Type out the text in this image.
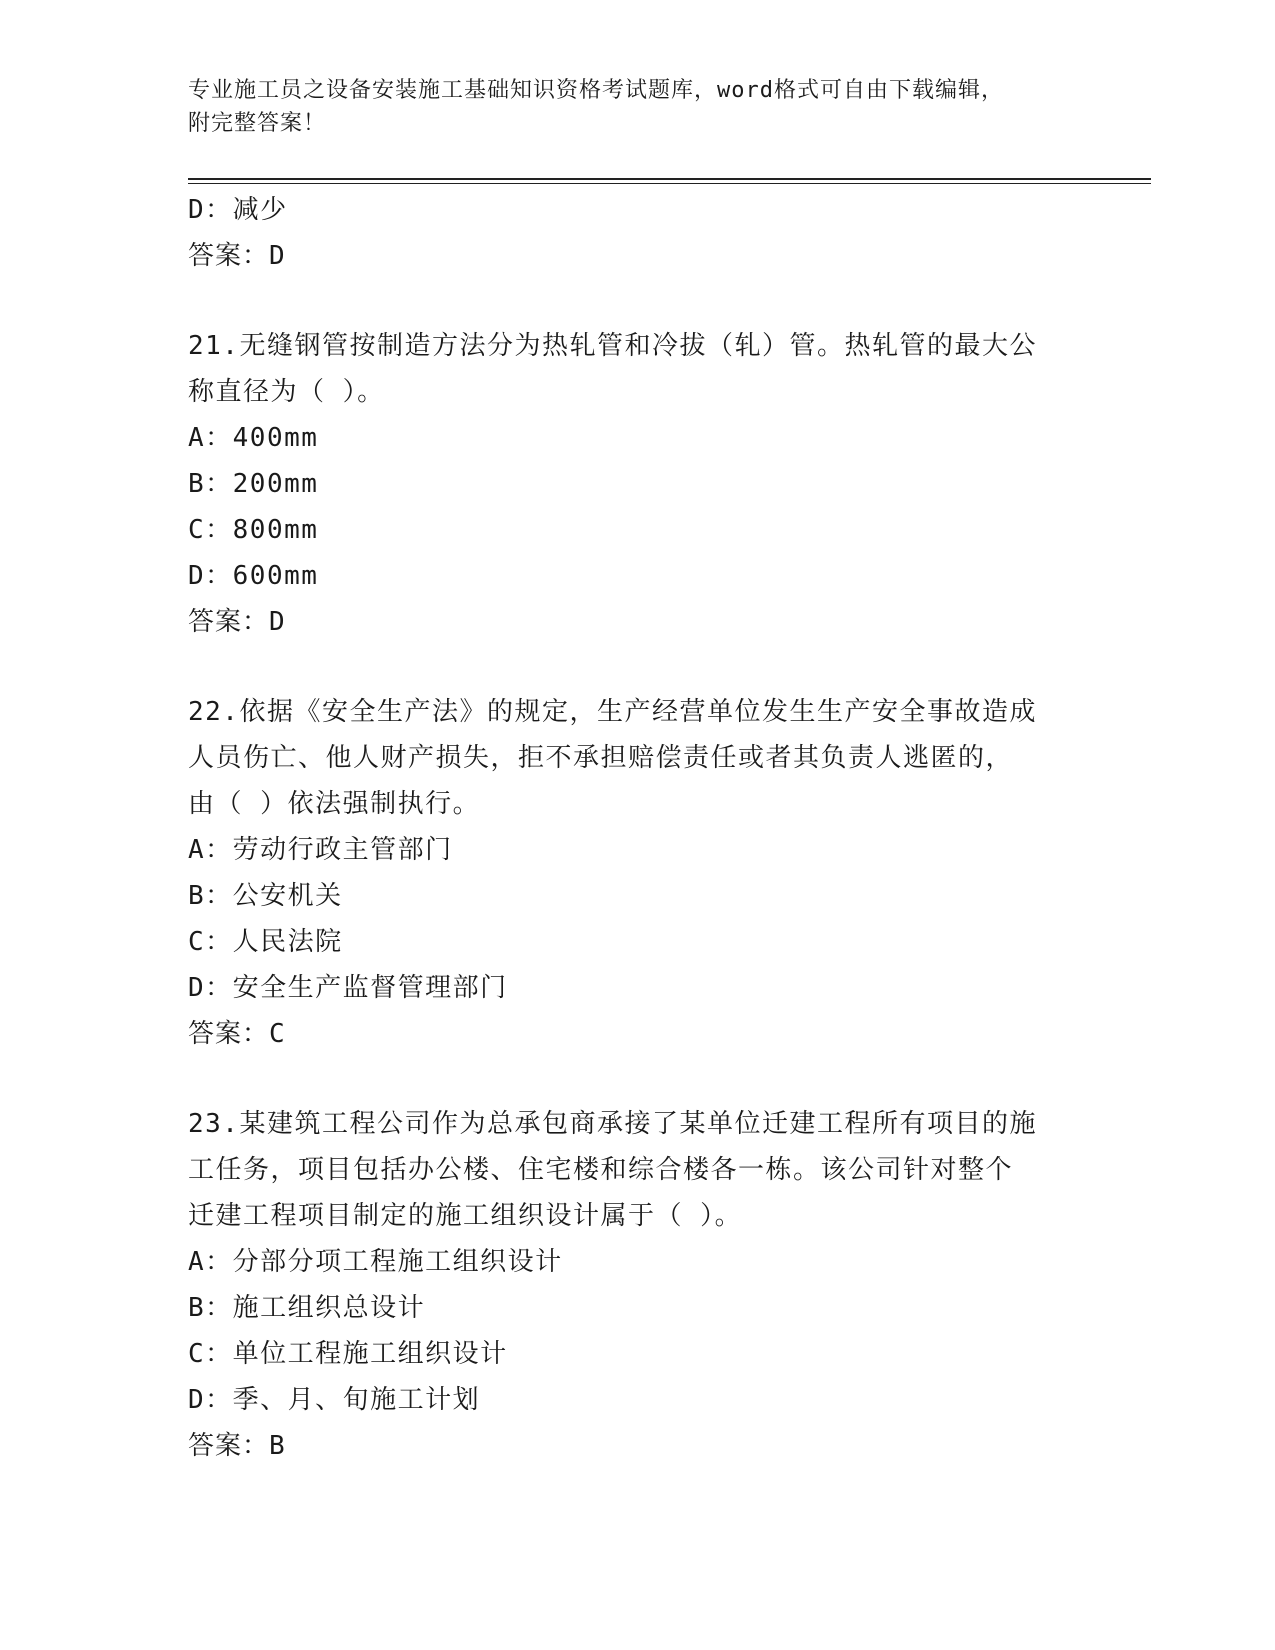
专业施工员之设备安装施工基础知识资格考试题库，word格式可自由下载编辑，
附完整答案！

D：减少

答案：D

21.无缝钢管按制造方法分为热轧管和冷拔（轧）管。热轧管的最大公

称直径为（ ）。

A：400mm

B：200mm

C：800mm

D：600mm

答案：D

22.依据《安全生产法》的规定，生产经营单位发生生产安全事故造成

人员伤亡、他人财产损失，拒不承担赔偿责任或者其负责人逃匿的，

由（ ）依法强制执行。

A：劳动行政主管部门

B：公安机关

C：人民法院

D：安全生产监督管理部门

答案：C

23.某建筑工程公司作为总承包商承接了某单位迁建工程所有项目的施

工任务，项目包括办公楼、住宅楼和综合楼各一栋。该公司针对整个

迁建工程项目制定的施工组织设计属于（ ）。

A：分部分项工程施工组织设计

B：施工组织总设计

C：单位工程施工组织设计

D：季、月、旬施工计划

答案：B
